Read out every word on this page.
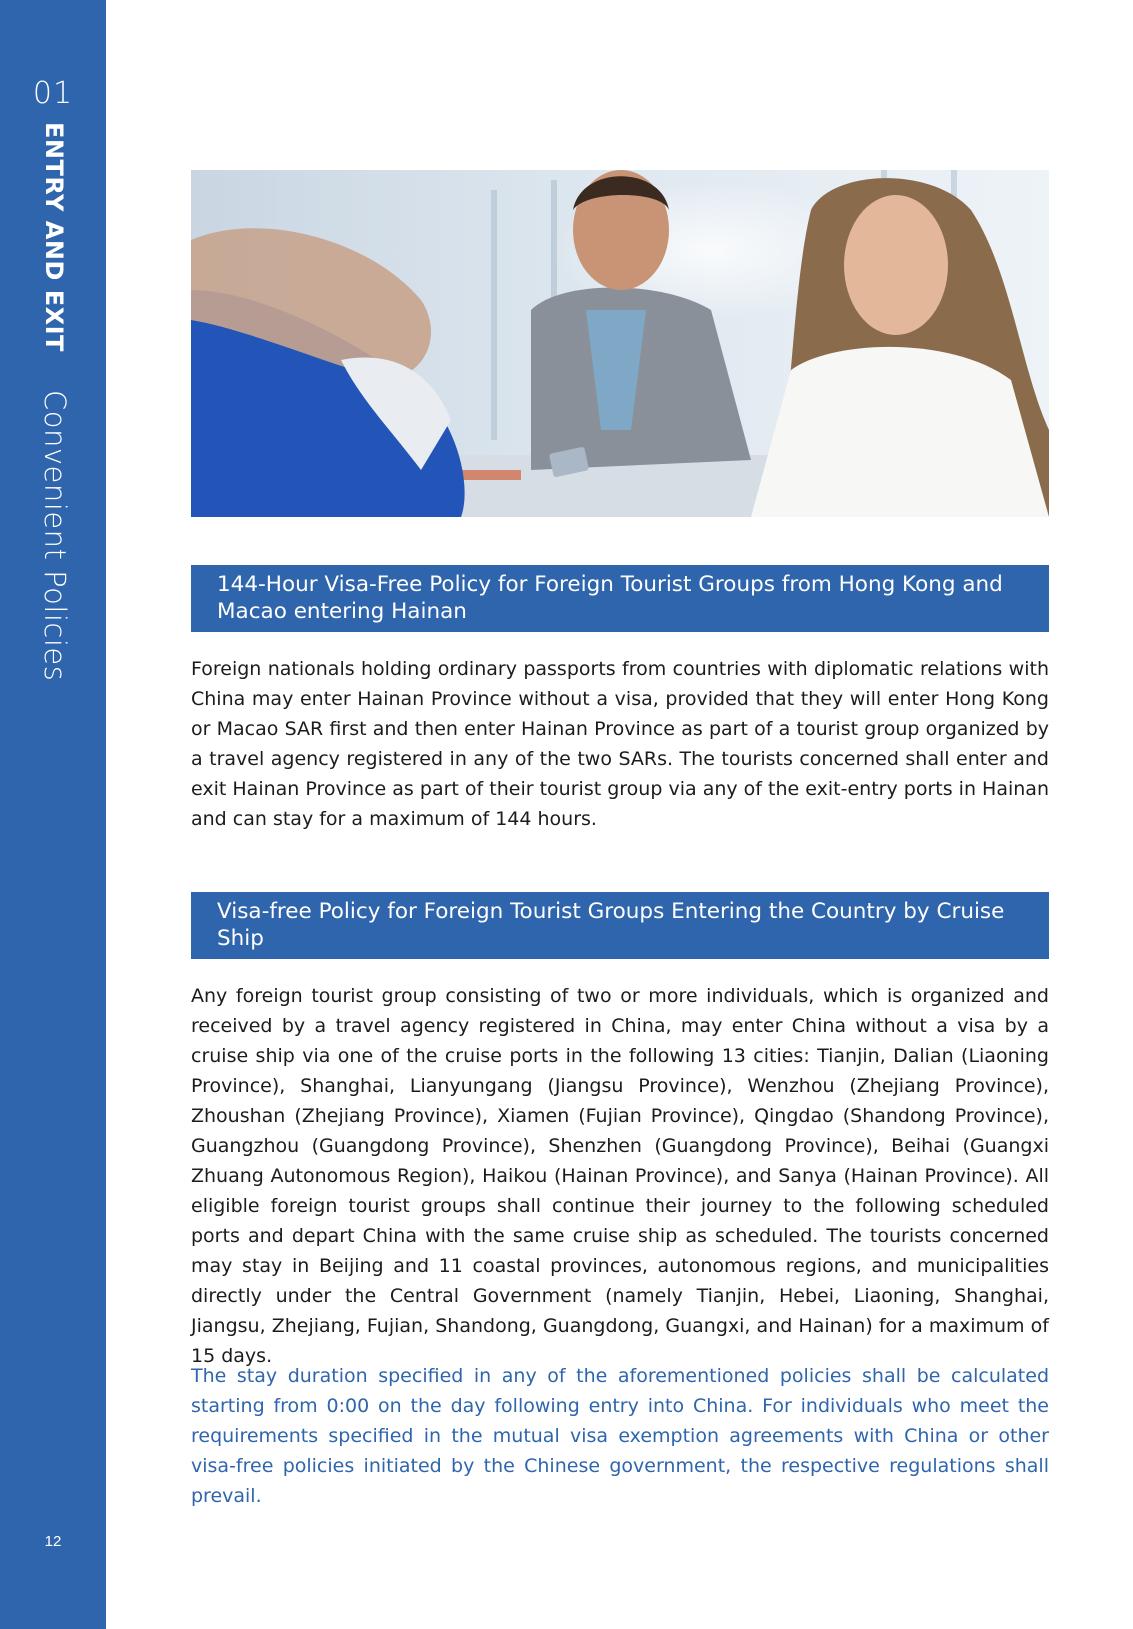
01
ENTRY AND EXIT
Convenient Policies
12
144-Hour Visa-Free Policy for Foreign Tourist Groups from Hong Kong and Macao entering Hainan

Foreign nationals holding ordinary passports from countries with diplomatic relations with China may enter Hainan Province without a visa, provided that they will enter Hong Kong or Macao SAR first and then enter Hainan Province as part of a tourist group organized by a travel agency registered in any of the two SARs. The tourists concerned shall enter and exit Hainan Province as part of their tourist group via any of the exit-entry ports in Hainan and can stay for a maximum of 144 hours.

Visa-free Policy for Foreign Tourist Groups Entering the Country by Cruise Ship

Any foreign tourist group consisting of two or more individuals, which is organized and received by a travel agency registered in China, may enter China without a visa by a cruise ship via one of the cruise ports in the following 13 cities: Tianjin, Dalian (Liaoning Province), Shanghai, Lianyungang (Jiangsu Province), Wenzhou (Zhejiang Province), Zhoushan (Zhejiang Province), Xiamen (Fujian Province), Qingdao (Shandong Province), Guangzhou (Guangdong Province), Shenzhen (Guangdong Province), Beihai (Guangxi Zhuang Autonomous Region), Haikou (Hainan Province), and Sanya (Hainan Province). All eligible foreign tourist groups shall continue their journey to the following scheduled ports and depart China with the same cruise ship as scheduled. The tourists concerned may stay in Beijing and 11 coastal provinces, autonomous regions, and municipalities directly under the Central Government (namely Tianjin, Hebei, Liaoning, Shanghai, Jiangsu, Zhejiang, Fujian, Shandong, Guangdong, Guangxi, and Hainan) for a maximum of 15 days.

The stay duration specified in any of the aforementioned policies shall be calculated starting from 0:00 on the day following entry into China. For individuals who meet the requirements specified in the mutual visa exemption agreements with China or other visa-free policies initiated by the Chinese government, the respective regulations shall prevail.
